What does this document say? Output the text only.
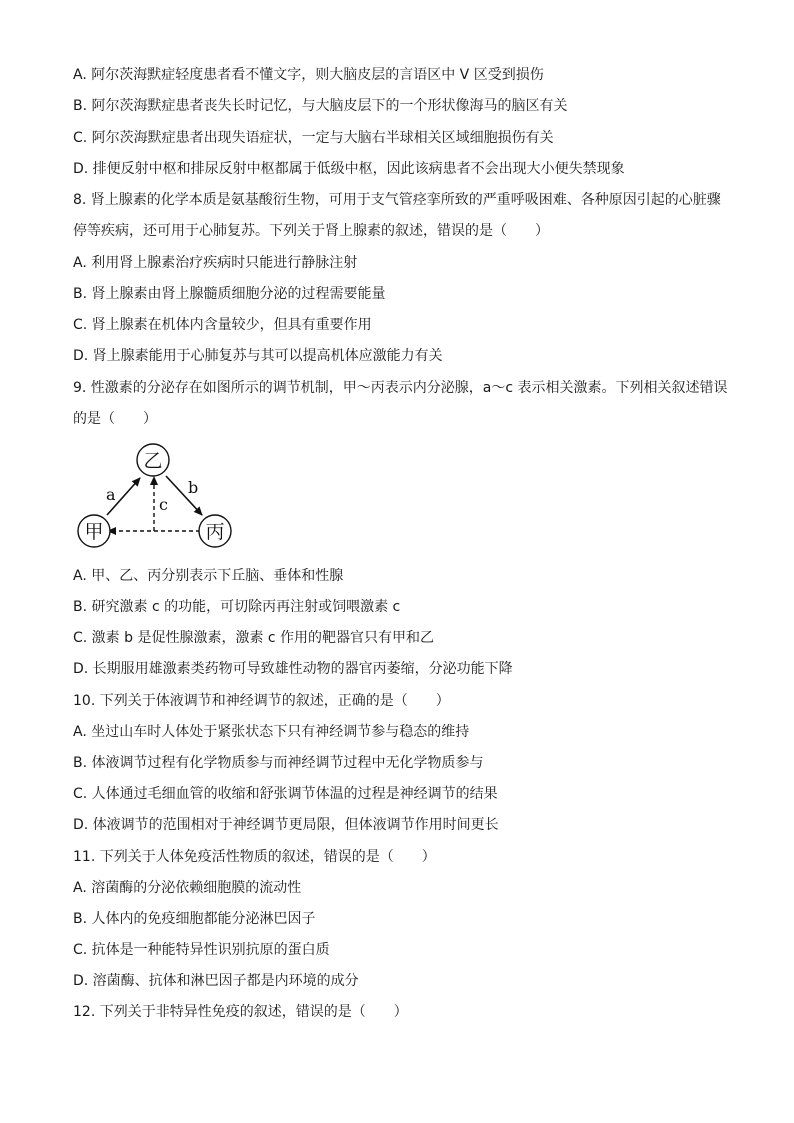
A. 阿尔茨海默症轻度患者看不懂文字，则大脑皮层的言语区中 V 区受到损伤
B. 阿尔茨海默症患者丧失长时记忆，与大脑皮层下的一个形状像海马的脑区有关
C. 阿尔茨海默症患者出现失语症状，一定与大脑右半球相关区域细胞损伤有关
D. 排便反射中枢和排尿反射中枢都属于低级中枢，因此该病患者不会出现大小便失禁现象
8. 肾上腺素的化学本质是氨基酸衍生物，可用于支气管痉挛所致的严重呼吸困难、各种原因引起的心脏骤
停等疾病，还可用于心肺复苏。下列关于肾上腺素的叙述，错误的是（　　）
A. 利用肾上腺素治疗疾病时只能进行静脉注射
B. 肾上腺素由肾上腺髓质细胞分泌的过程需要能量
C. 肾上腺素在机体内含量较少，但具有重要作用
D. 肾上腺素能用于心肺复苏与其可以提高机体应激能力有关
9. 性激素的分泌存在如图所示的调节机制，甲～丙表示内分泌腺，a～c 表示相关激素。下列相关叙述错误
的是（　　）
乙
甲	丙
a	b
c
A. 甲、乙、丙分别表示下丘脑、垂体和性腺
B. 研究激素 c 的功能，可切除丙再注射或饲喂激素 c
C. 激素 b 是促性腺激素，激素 c 作用的靶器官只有甲和乙
D. 长期服用雄激素类药物可导致雄性动物的器官丙萎缩，分泌功能下降
10. 下列关于体液调节和神经调节的叙述，正确的是（　　）
A. 坐过山车时人体处于紧张状态下只有神经调节参与稳态的维持
B. 体液调节过程有化学物质参与而神经调节过程中无化学物质参与
C. 人体通过毛细血管的收缩和舒张调节体温的过程是神经调节的结果
D. 体液调节的范围相对于神经调节更局限，但体液调节作用时间更长
11. 下列关于人体免疫活性物质的叙述，错误的是（　　）
A. 溶菌酶的分泌依赖细胞膜的流动性
B. 人体内的免疫细胞都能分泌淋巴因子
C. 抗体是一种能特异性识别抗原的蛋白质
D. 溶菌酶、抗体和淋巴因子都是内环境的成分
12. 下列关于非特异性免疫的叙述，错误的是（　　）
